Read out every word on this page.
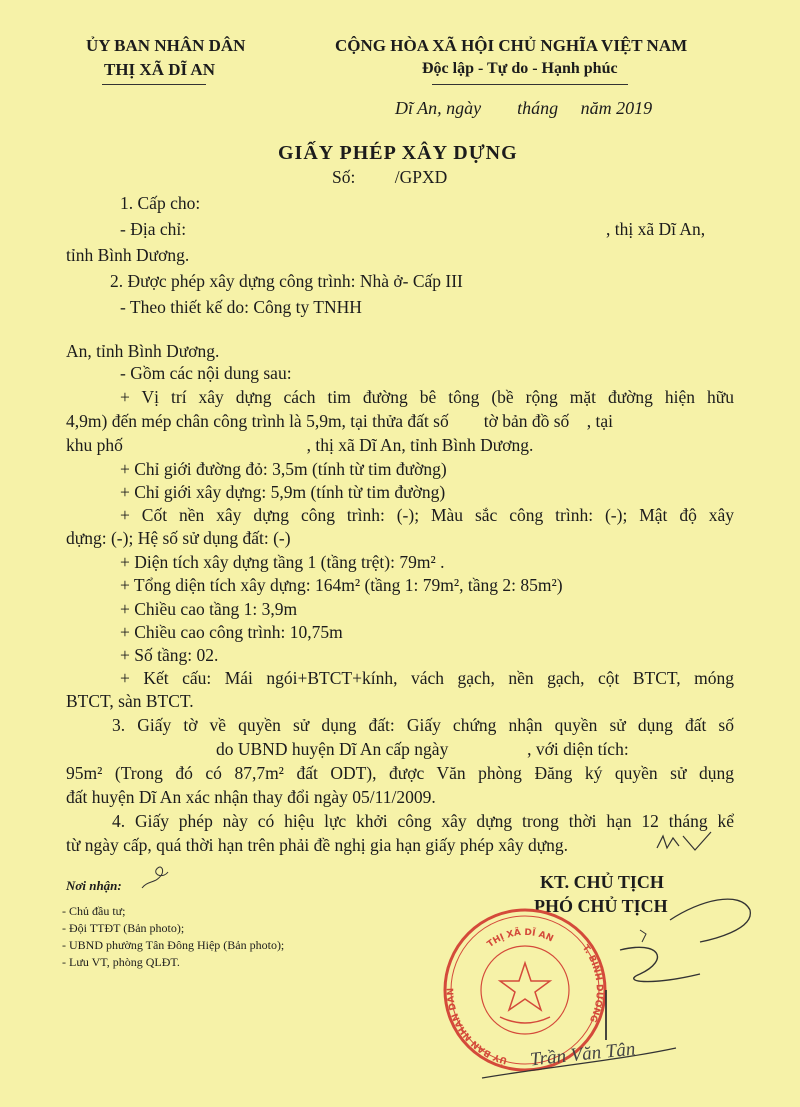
ỦY BAN NHÂN DÂN
THỊ XÃ DĨ AN
CỘNG HÒA XÃ HỘI CHỦ NGHĨA VIỆT NAM
Độc lập - Tự do - Hạnh phúc
Dĩ An, ngày        tháng     năm 2019
GIẤY PHÉP XÂY DỰNG
Số:         /GPXD
1. Cấp cho:
- Địa chỉ:	, thị xã Dĩ An,
tỉnh Bình Dương.
2. Được phép xây dựng công trình: Nhà ở- Cấp III
- Theo thiết kế do: Công ty TNHH
An, tỉnh Bình Dương.
- Gồm các nội dung sau:
+ Vị trí xây dựng cách tim đường bê tông (bề rộng mặt đường hiện hữu
4,9m) đến mép chân công trình là 5,9m, tại thửa đất số        tờ bản đồ số    , tại
khu phố                                          , thị xã Dĩ An, tỉnh Bình Dương.
+ Chỉ giới đường đỏ: 3,5m (tính từ tim đường)
+ Chỉ giới xây dựng: 5,9m (tính từ tim đường)
+ Cốt nền xây dựng công trình: (-); Màu sắc công trình: (-); Mật độ xây
dựng: (-); Hệ số sử dụng đất: (-)
+ Diện tích xây dựng tầng 1 (tầng trệt): 79m² .
+ Tổng diện tích xây dựng: 164m² (tầng 1: 79m², tầng 2: 85m²)
+ Chiều cao tầng 1: 3,9m
+ Chiều cao công trình: 10,75m
+ Số tầng: 02.
+ Kết cấu: Mái ngói+BTCT+kính, vách gạch, nền gạch, cột BTCT, móng
BTCT, sàn BTCT.
3. Giấy tờ về quyền sử dụng đất: Giấy chứng nhận quyền sử dụng đất số
do UBND huyện Dĩ An cấp ngày                  , với diện tích:
95m² (Trong đó có 87,7m² đất ODT), được Văn phòng Đăng ký quyền sử dụng
đất huyện Dĩ An xác nhận thay đổi ngày 05/11/2009.
4. Giấy phép này có hiệu lực khởi công xây dựng trong thời hạn 12 tháng kể
từ ngày cấp, quá thời hạn trên phải đề nghị gia hạn giấy phép xây dựng.
Nơi nhận:
- Chủ đầu tư;
- Đội TTĐT (Bản photo);
- UBND phường Tân Đông Hiệp (Bản photo);
- Lưu VT, phòng QLĐT.
KT. CHỦ TỊCH
PHÓ CHỦ TỊCH
ỦY BAN NHÂN DÂN
THỊ XÃ DĨ AN
T. BÌNH DƯƠNG
Trần Văn Tân
